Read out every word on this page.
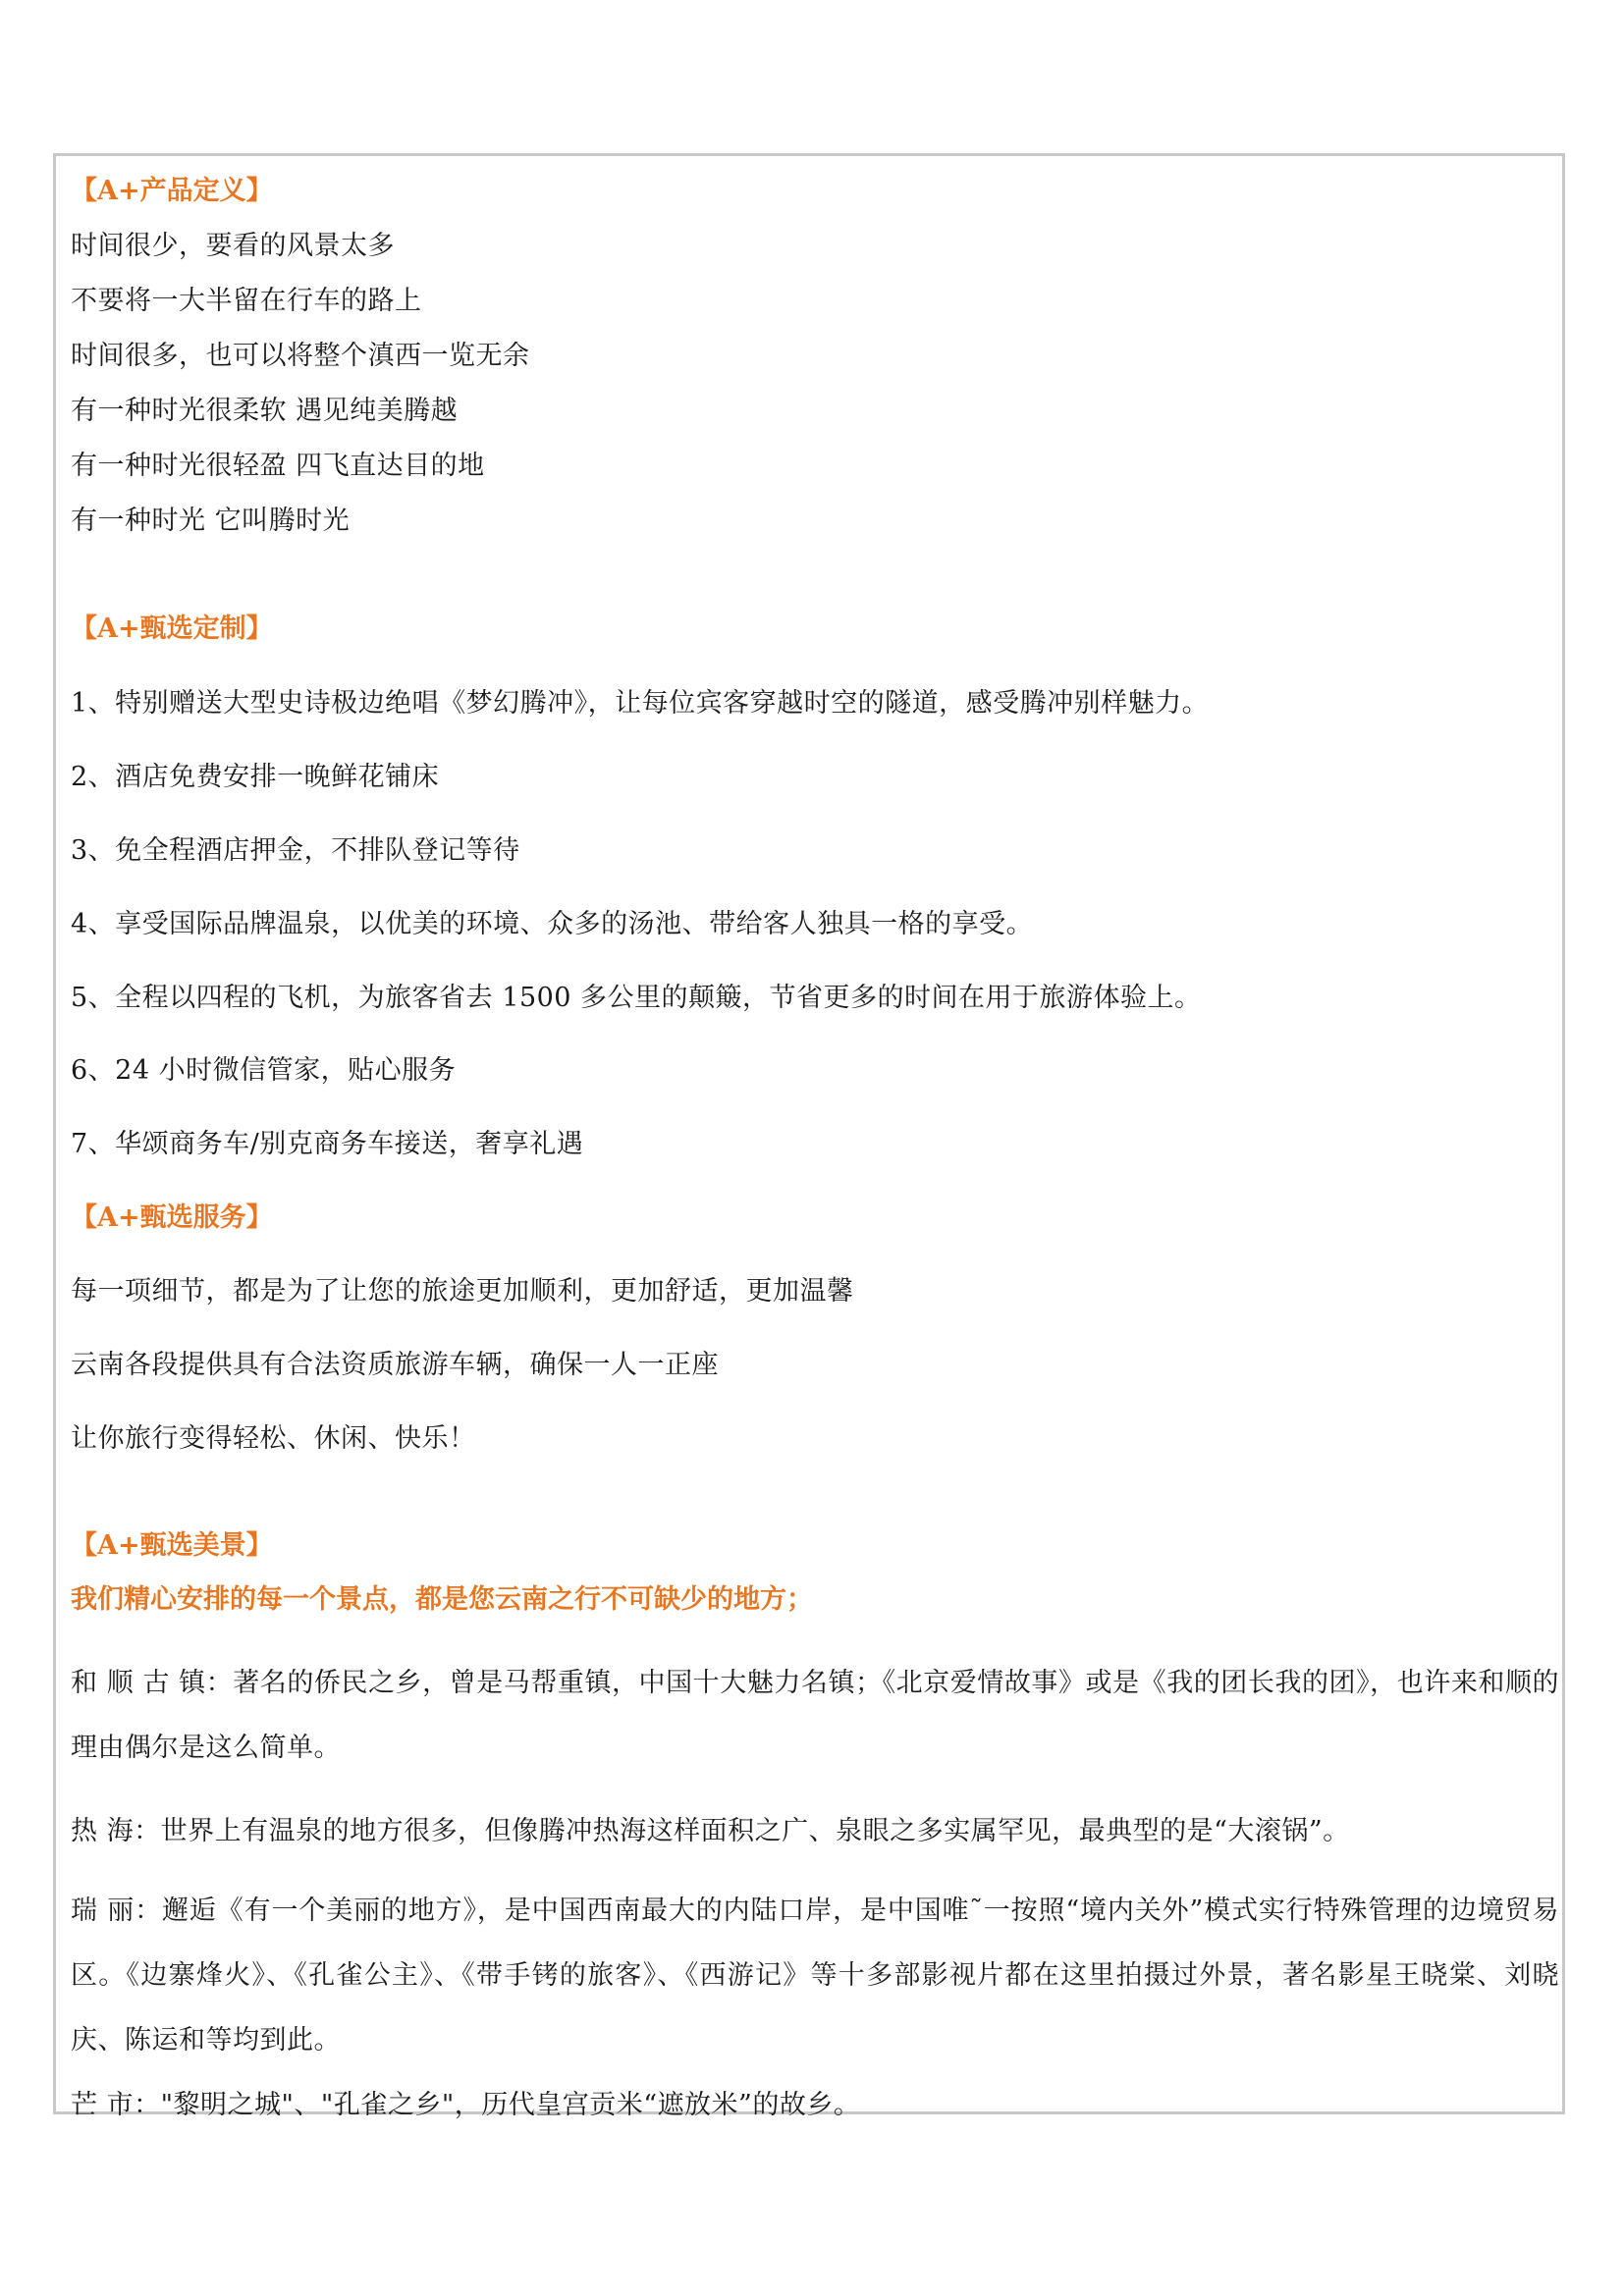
【A+产品定义】
时间很少，要看的风景太多
不要将一大半留在行车的路上
时间很多，也可以将整个滇西一览无余
有一种时光很柔软 遇见纯美腾越
有一种时光很轻盈 四飞直达目的地
有一种时光 它叫腾时光
【A+甄选定制】
1、特别赠送大型史诗极边绝唱《梦幻腾冲》，让每位宾客穿越时空的隧道，感受腾冲别样魅力。
2、酒店免费安排一晚鲜花铺床
3、免全程酒店押金，不排队登记等待
4、享受国际品牌温泉，以优美的环境、众多的汤池、带给客人独具一格的享受。
5、全程以四程的飞机，为旅客省去 1500 多公里的颠簸，节省更多的时间在用于旅游体验上。
6、24 小时微信管家，贴心服务
7、华颂商务车/别克商务车接送，奢享礼遇
【A+甄选服务】
每一项细节，都是为了让您的旅途更加顺利，更加舒适，更加温馨
云南各段提供具有合法资质旅游车辆，确保一人一正座
让你旅行变得轻松、休闲、快乐！
【A+甄选美景】
我们精心安排的每一个景点，都是您云南之行不可缺少的地方；
和 顺 古 镇：著名的侨民之乡，曾是马帮重镇，中国十大魅力名镇；《北京爱情故事》或是《我的团长我的团》，也许来和顺的理由偶尔是这么简单。
热 海：世界上有温泉的地方很多，但像腾冲热海这样面积之广、泉眼之多实属罕见，最典型的是“大滚锅”。
瑞 丽：邂逅《有一个美丽的地方》，是中国西南最大的内陆口岸，是中国唯˜一按照“境内关外”模式实行特殊管理的边境贸易区。《边寨烽火》、《孔雀公主》、《带手铐的旅客》、《西游记》等十多部影视片都在这里拍摄过外景，著名影星王晓棠、刘晓庆、陈运和等均到此。
芒 市："黎明之城"、"孔雀之乡"，历代皇宫贡米“遮放米”的故乡。
